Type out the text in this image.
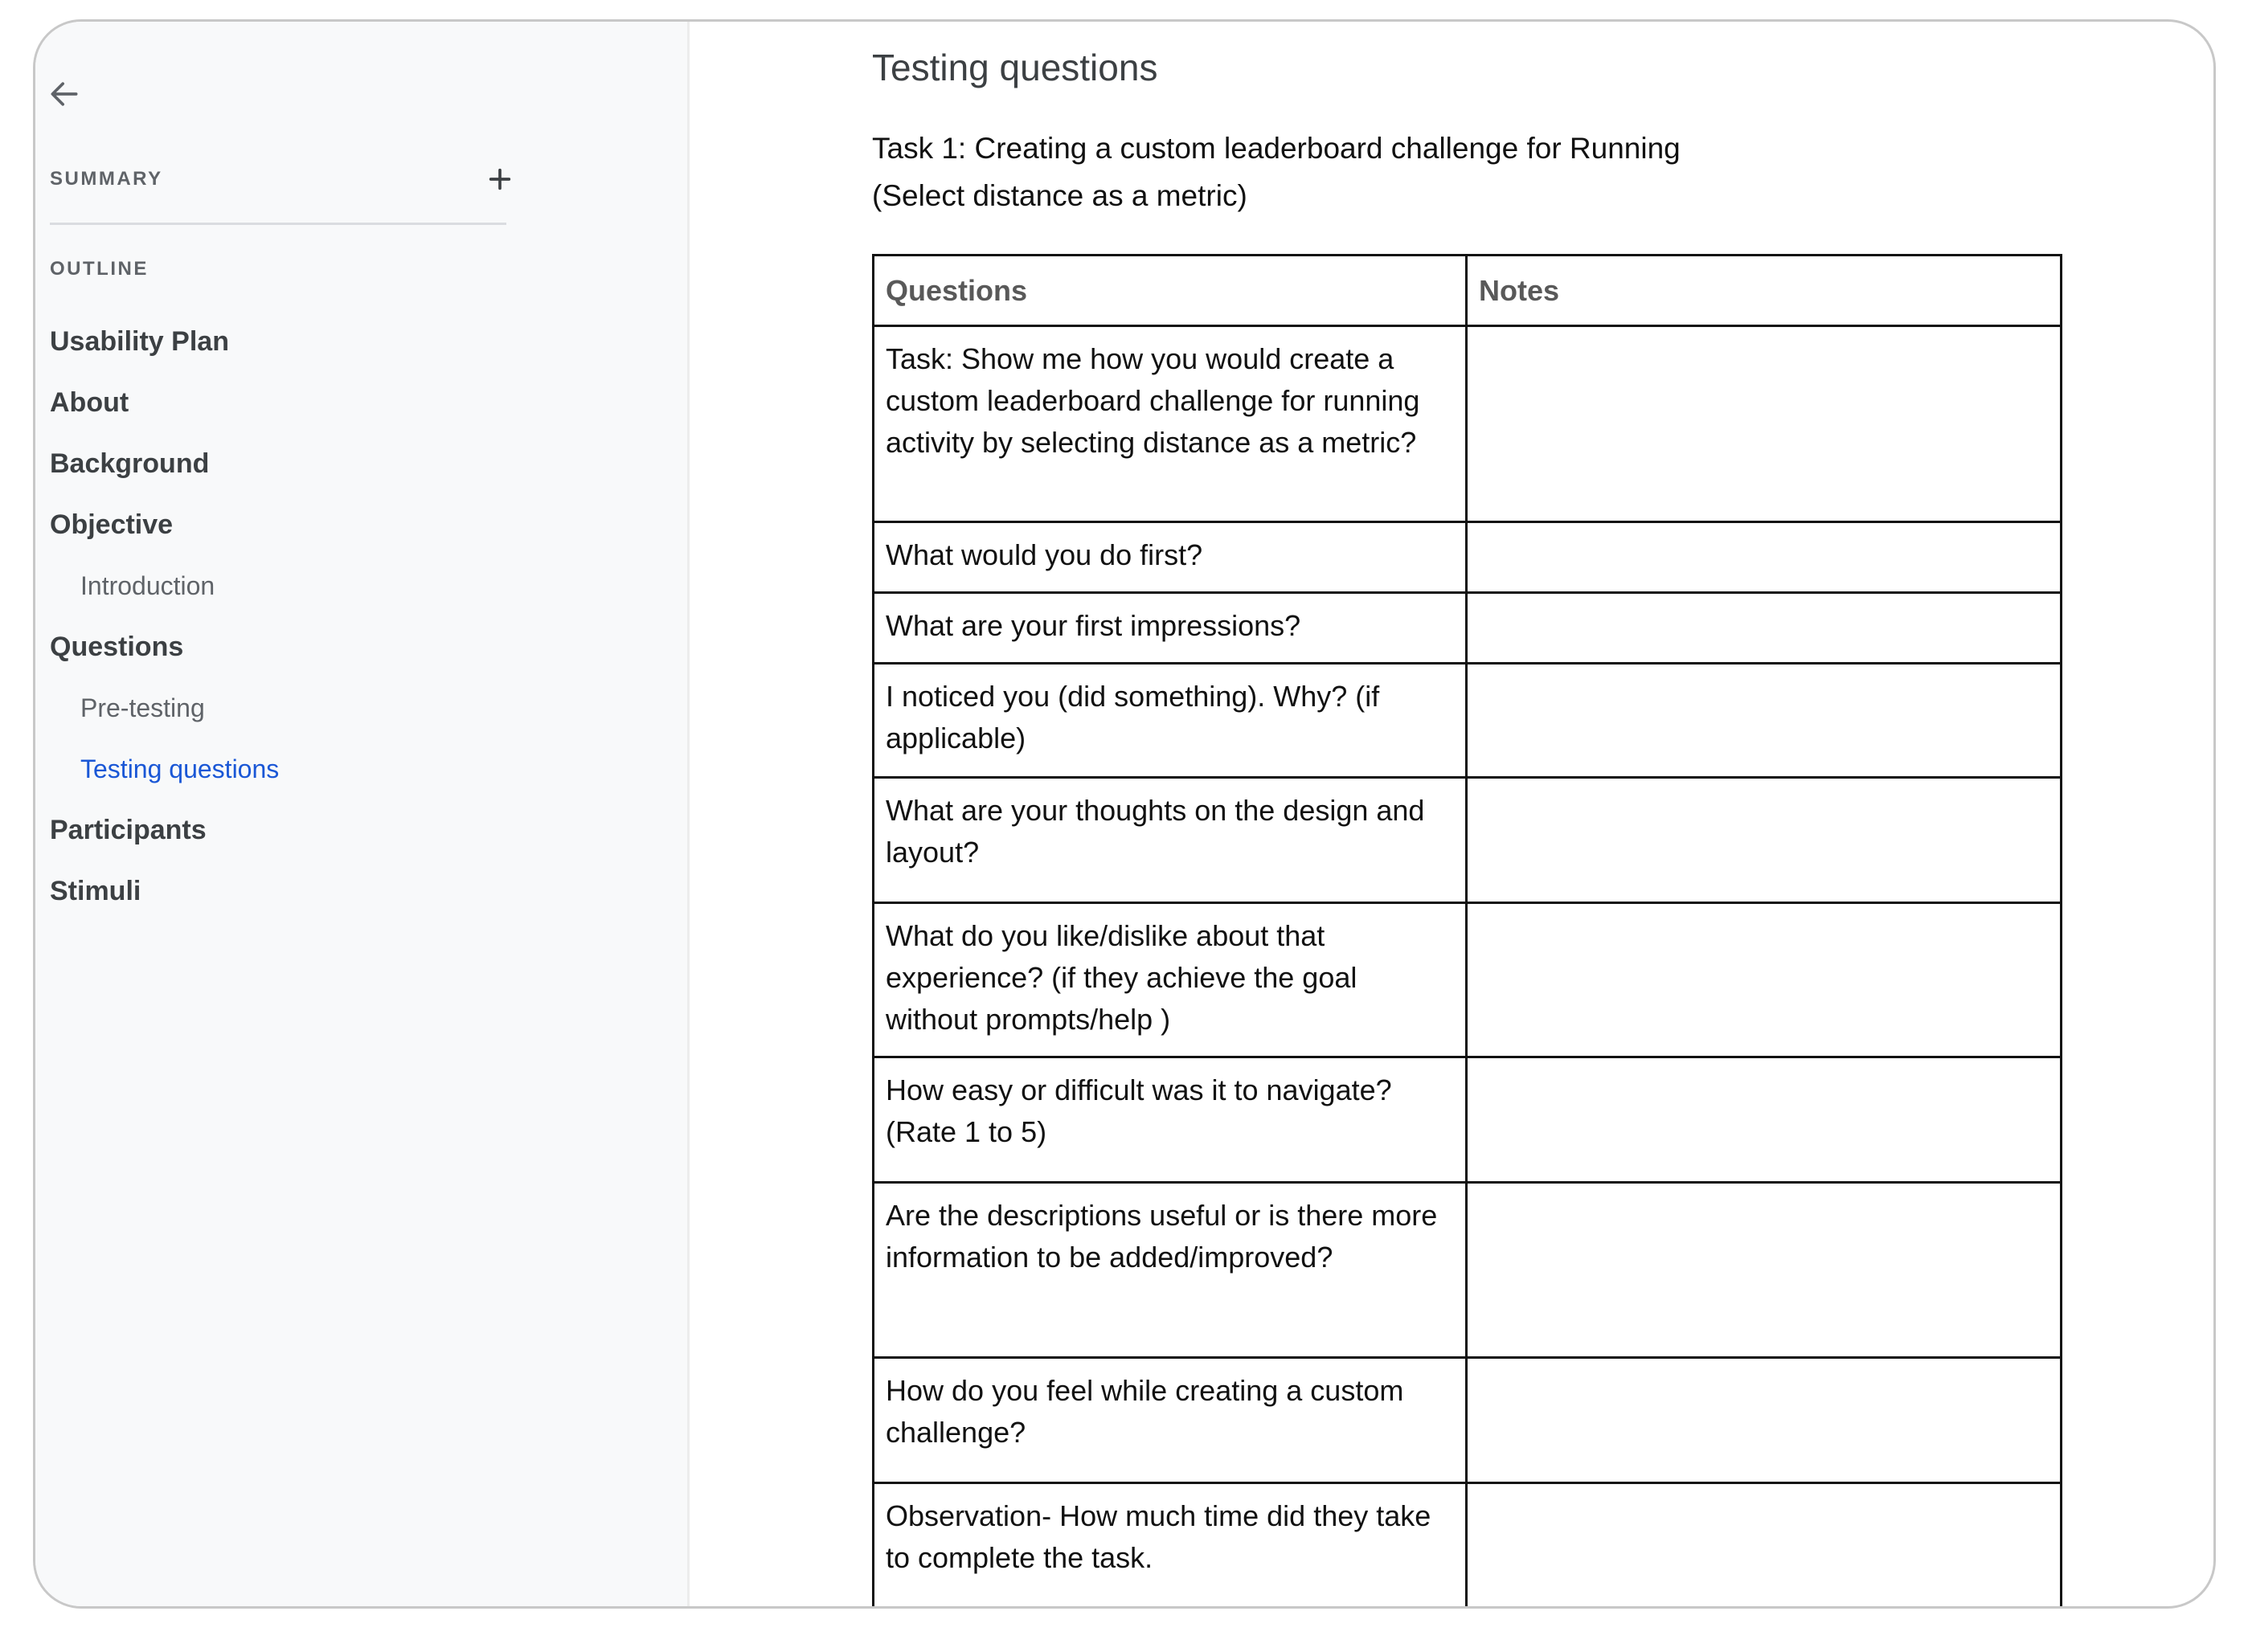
SUMMARY
OUTLINE
Usability Plan
About
Background
Objective
Introduction
Questions
Pre-testing
Testing questions
Participants
Stimuli
Testing questions
Task 1: Creating a custom leaderboard challenge for Running
(Select distance as a metric)
Questions	Notes
Task: Show me how you would create a custom leaderboard challenge for running activity by selecting distance as a metric?	
What would you do first?	
What are your first impressions?	
I noticed you (did something). Why? (if applicable)	
What are your thoughts on the design and layout?	
What do you like/dislike about that experience? (if they achieve the goal without prompts/help )	
How easy or difficult was it to navigate? (Rate 1 to 5)	
Are the descriptions useful or is there more information to be added/improved?	
How do you feel while creating a custom challenge?	
Observation- How much time did they take to complete the task.	
